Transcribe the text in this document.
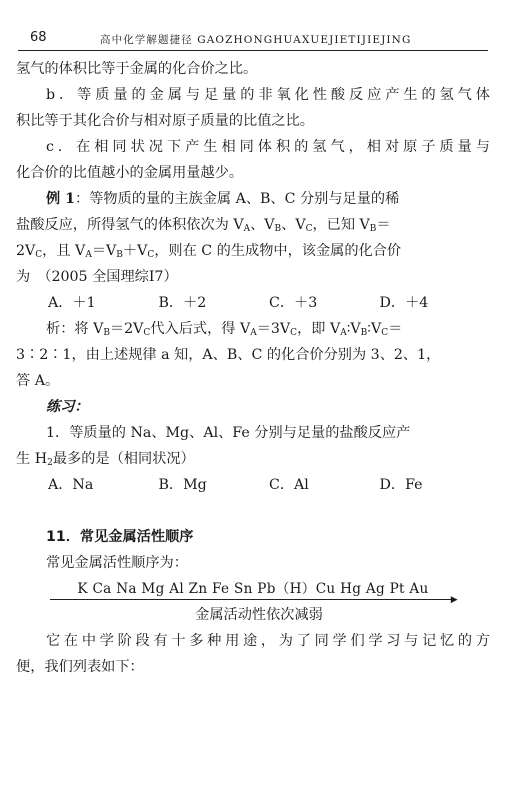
68	高中化学解题捷径 GAOZHONGHUAXUEJIETIJIEJING
氢气的体积比等于金属的化合价之比。
b．等质量的金属与足量的非氧化性酸反应产生的氢气体
积比等于其化合价与相对原子质量的比值之比。
c．在相同状况下产生相同体积的氢气，相对原子质量与
化合价的比值越小的金属用量越少。
例 1：等物质的量的主族金属 A、B、C 分别与足量的稀
盐酸反应，所得氢气的体积依次为 $V_A$、$V_B$、$V_C$，已知 $V_B=$
$2V_C$，且 $V_A=V_B+V_C$，则在 C 的生成物中，该金属的化合价
为　（2005 全国理综Ⅰ7）
A．＋1	B．＋2	C．＋3	D．＋4
析：将 $V_B=2V_C$代入后式，得 $V_A=3V_C$，即 $V_A∶V_B∶V_C=$
3∶2∶1，由上述规律 a 知，A、B、C 的化合价分别为 3、2、1，
答 A。
练习：
1．等质量的 Na、Mg、Al、Fe 分别与足量的盐酸反应产
生 $H_2$最多的是（相同状况）
A．Na	B．Mg	C．Al	D．Fe
11．常见金属活性顺序
常见金属活性顺序为：
K Ca Na Mg Al Zn Fe Sn Pb（H）Cu Hg Ag Pt Au
▶
金属活动性依次减弱
它在中学阶段有十多种用途，为了同学们学习与记忆的方
便，我们列表如下：
